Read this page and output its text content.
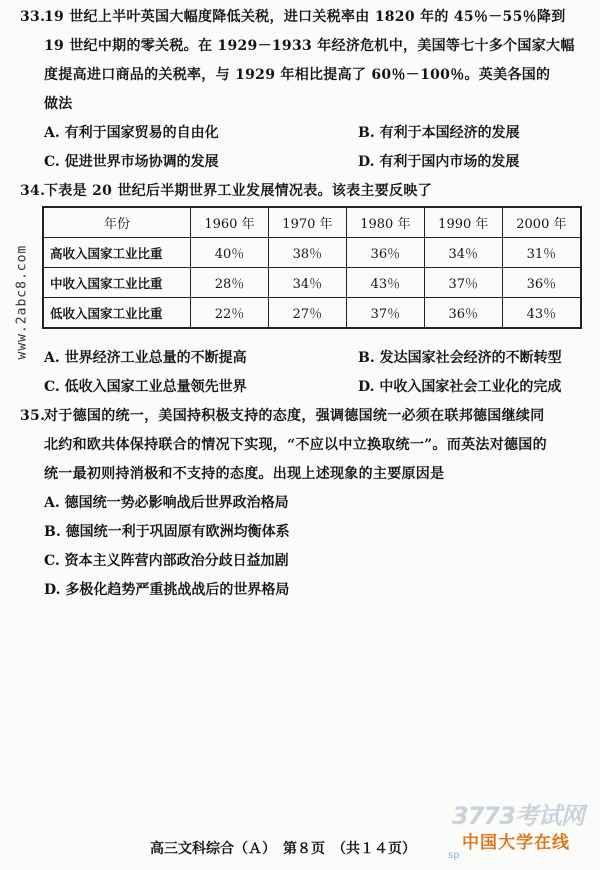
33.19 世纪上半叶英国大幅度降低关税，进口关税率由 1820 年的 45％－55％降到
19 世纪中期的零关税。在 1929－1933 年经济危机中，美国等七十多个国家大幅
度提高进口商品的关税率，与 1929 年相比提高了 60％－100％。英美各国的
做法
A. 有利于国家贸易的自由化	B. 有利于本国经济的发展
C. 促进世界市场协调的发展	D. 有利于国内市场的发展
34.下表是 20 世纪后半期世界工业发展情况表。该表主要反映了
年份	1960 年	1970 年	1980 年	1990 年	2000 年
高收入国家工业比重	40％	38％	36％	34％	31％
中收入国家工业比重	28％	34％	43％	37％	36％
低收入国家工业比重	22％	27％	37％	36％	43％
www.2abc8.com A. 世界经济工业总量的不断提高	B. 发达国家社会经济的不断转型
C. 低收入国家工业总量领先世界	D. 中收入国家社会工业化的完成
35.对于德国的统一，美国持积极支持的态度，强调德国统一必须在联邦德国继续同
北约和欧共体保持联合的情况下实现，“不应以中立换取统一”。而英法对德国的
统一最初则持消极和不支持的态度。出现上述现象的主要原因是
A. 德国统一势必影响战后世界政治格局
B. 德国统一利于巩固原有欧洲均衡体系
C. 资本主义阵营内部政治分歧日益加剧
D. 多极化趋势严重挑战战后的世界格局
3773考试网
中国大学在线
sp
高三文科综合（Ａ）　第８页　（共１４页）
